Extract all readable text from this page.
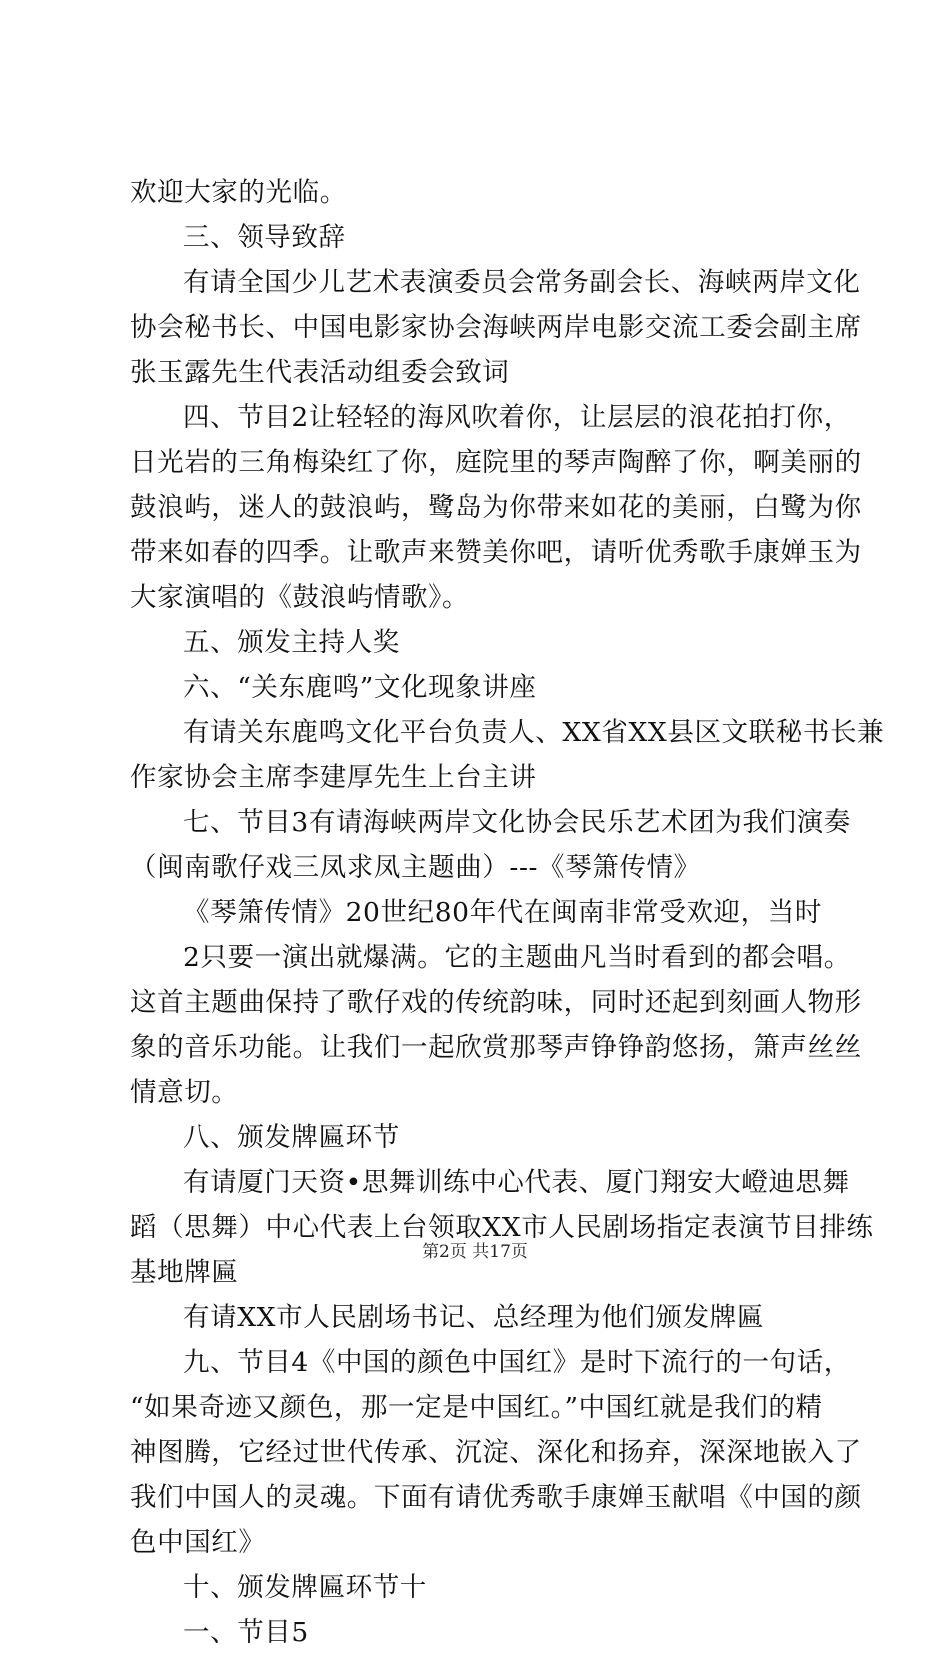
欢迎大家的光临。

三、领导致辞

有请全国少儿艺术表演委员会常务副会长、海峡两岸文化

协会秘书长、中国电影家协会海峡两岸电影交流工委会副主席

张玉露先生代表活动组委会致词

四、节目2让轻轻的海风吹着你，让层层的浪花拍打你，

日光岩的三角梅染红了你，庭院里的琴声陶醉了你，啊美丽的

鼓浪屿，迷人的鼓浪屿，鹭岛为你带来如花的美丽，白鹭为你

带来如春的四季。让歌声来赞美你吧，请听优秀歌手康婵玉为

大家演唱的《鼓浪屿情歌》。

五、颁发主持人奖

六、“关东鹿鸣”文化现象讲座

有请关东鹿鸣文化平台负责人、XX省XX县区文联秘书长兼

作家协会主席李建厚先生上台主讲

七、节目3有请海峡两岸文化协会民乐艺术团为我们演奏

（闽南歌仔戏三凤求凤主题曲）---《琴箫传情》

《琴箫传情》20世纪80年代在闽南非常受欢迎，当时

2只要一演出就爆满。它的主题曲凡当时看到的都会唱。

这首主题曲保持了歌仔戏的传统韵味，同时还起到刻画人物形

象的音乐功能。让我们一起欣赏那琴声铮铮韵悠扬，箫声丝丝

情意切。

八、颁发牌匾环节

有请厦门天资•思舞训练中心代表、厦门翔安大嶝迪思舞

蹈（思舞）中心代表上台领取XX市人民剧场指定表演节目排练

基地牌匾

有请XX市人民剧场书记、总经理为他们颁发牌匾

九、节目4《中国的颜色中国红》是时下流行的一句话，

“如果奇迹又颜色，那一定是中国红。”中国红就是我们的精

神图腾，它经过世代传承、沉淀、深化和扬弃，深深地嵌入了

我们中国人的灵魂。下面有请优秀歌手康婵玉献唱《中国的颜

色中国红》

十、颁发牌匾环节十

一、节目5

第2页 共17页
